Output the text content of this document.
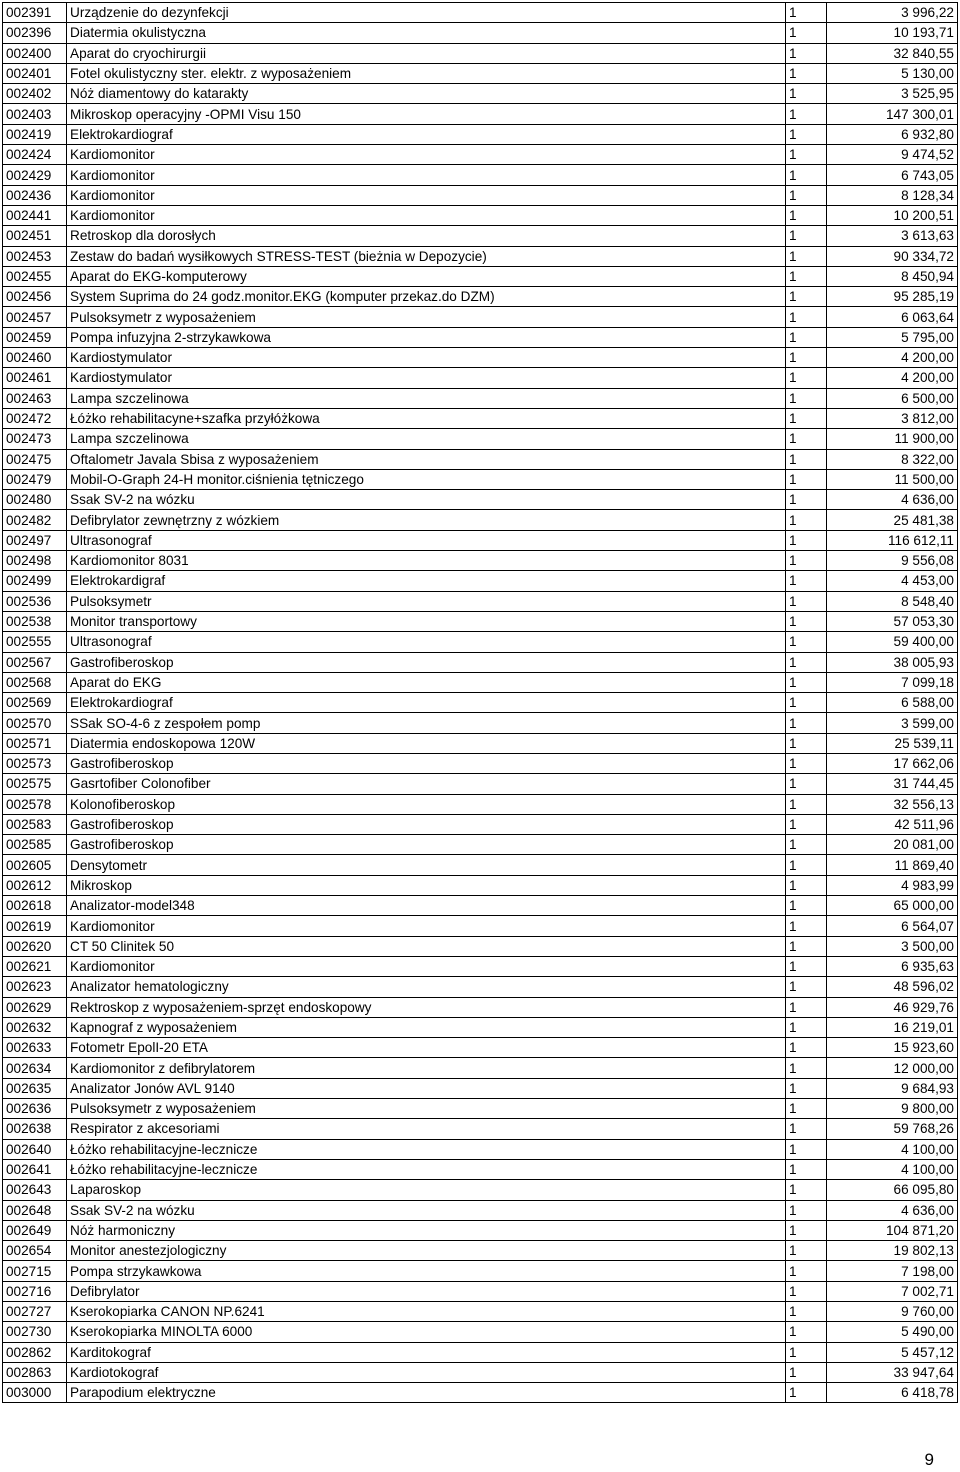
002391	Urządzenie do dezynfekcji	1	3 996,22
002396	Diatermia okulistyczna	1	10 193,71
002400	Aparat do cryochirurgii	1	32 840,55
002401	Fotel okulistyczny ster. elektr. z wyposażeniem	1	5 130,00
002402	Nóż diamentowy do katarakty	1	3 525,95
002403	Mikroskop operacyjny -OPMI Visu 150	1	147 300,01
002419	Elektrokardiograf	1	6 932,80
002424	Kardiomonitor	1	9 474,52
002429	Kardiomonitor	1	6 743,05
002436	Kardiomonitor	1	8 128,34
002441	Kardiomonitor	1	10 200,51
002451	Retroskop dla dorosłych	1	3 613,63
002453	Zestaw do badań wysiłkowych STRESS-TEST (bieżnia w Depozycie)	1	90 334,72
002455	Aparat do EKG-komputerowy	1	8 450,94
002456	System Suprima do 24 godz.monitor.EKG (komputer przekaz.do DZM)	1	95 285,19
002457	Pulsoksymetr z wyposażeniem	1	6 063,64
002459	Pompa infuzyjna 2-strzykawkowa	1	5 795,00
002460	Kardiostymulator	1	4 200,00
002461	Kardiostymulator	1	4 200,00
002463	Lampa szczelinowa	1	6 500,00
002472	Łóżko rehabilitacyne+szafka przyłóżkowa	1	3 812,00
002473	Lampa szczelinowa	1	11 900,00
002475	Oftalometr Javala Sbisa z wyposażeniem	1	8 322,00
002479	Mobil-O-Graph 24-H monitor.ciśnienia tętniczego	1	11 500,00
002480	Ssak SV-2 na wózku	1	4 636,00
002482	Defibrylator zewnętrzny z wózkiem	1	25 481,38
002497	Ultrasonograf	1	116 612,11
002498	Kardiomonitor 8031	1	9 556,08
002499	Elektrokardigraf	1	4 453,00
002536	Pulsoksymetr	1	8 548,40
002538	Monitor transportowy	1	57 053,30
002555	Ultrasonograf	1	59 400,00
002567	Gastrofiberoskop	1	38 005,93
002568	Aparat do EKG	1	7 099,18
002569	Elektrokardiograf	1	6 588,00
002570	SSak SO-4-6 z zespołem pomp	1	3 599,00
002571	Diatermia endoskopowa 120W	1	25 539,11
002573	Gastrofiberoskop	1	17 662,06
002575	Gasrtofiber Colonofiber	1	31 744,45
002578	Kolonofiberoskop	1	32 556,13
002583	Gastrofiberoskop	1	42 511,96
002585	Gastrofiberoskop	1	20 081,00
002605	Densytometr	1	11 869,40
002612	Mikroskop	1	4 983,99
002618	Analizator-model348	1	65 000,00
002619	Kardiomonitor	1	6 564,07
002620	CT 50 Clinitek 50	1	3 500,00
002621	Kardiomonitor	1	6 935,63
002623	Analizator hematologiczny	1	48 596,02
002629	Rektroskop z wyposażeniem-sprzęt endoskopowy	1	46 929,76
002632	Kapnograf z wyposażeniem	1	16 219,01
002633	Fotometr EpolI-20 ETA	1	15 923,60
002634	Kardiomonitor z defibrylatorem	1	12 000,00
002635	Analizator Jonów AVL 9140	1	9 684,93
002636	Pulsoksymetr z wyposażeniem	1	9 800,00
002638	Respirator z akcesoriami	1	59 768,26
002640	Łóżko rehabilitacyjne-lecznicze	1	4 100,00
002641	Łóżko rehabilitacyjne-lecznicze	1	4 100,00
002643	Laparoskop	1	66 095,80
002648	Ssak SV-2 na wózku	1	4 636,00
002649	Nóż harmoniczny	1	104 871,20
002654	Monitor anestezjologiczny	1	19 802,13
002715	Pompa strzykawkowa	1	7 198,00
002716	Defibrylator	1	7 002,71
002727	Kserokopiarka CANON NP.6241	1	9 760,00
002730	Kserokopiarka MINOLTA 6000	1	5 490,00
002862	Karditokograf	1	5 457,12
002863	Kardiotokograf	1	33 947,64
003000	Parapodium elektryczne	1	6 418,78
9
